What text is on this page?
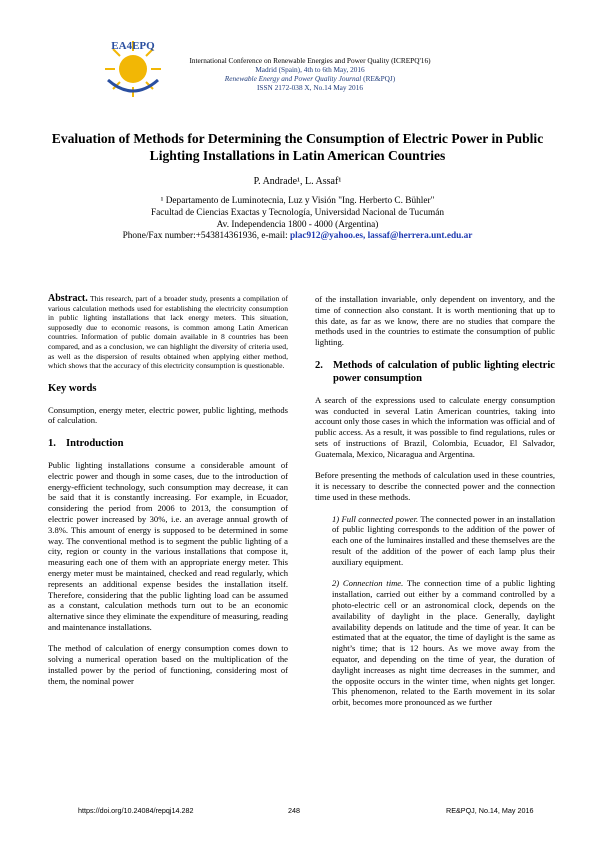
EA4EPQ
International Conference on Renewable Energies and Power Quality (ICREPQ'16)
Madrid (Spain), 4th to 6th May, 2016
Renewable Energy and Power Quality Journal (RE&PQJ)
ISSN 2172-038 X, No.14 May 2016
Evaluation of Methods for Determining the Consumption of Electric Power in Public Lighting Installations in Latin American Countries
P. Andrade¹, L. Assaf¹
¹ Departamento de Luminotecnia, Luz y Visión "Ing. Herberto C. Bühler"
Facultad de Ciencias Exactas y Tecnología, Universidad Nacional de Tucumán
Av. Independencia 1800 - 4000 (Argentina)
Phone/Fax number:+543814361936, e-mail: plac912@yahoo.es, lassaf@herrera.unt.edu.ar

Abstract. This research, part of a broader study, presents a compilation of various calculation methods used for establishing the electricity consumption in public lighting installations that lack energy meters. This situation, supposedly due to economic reasons, is common among Latin American countries. Information of public domain available in 8 countries has been compared, and as a conclusion, we can highlight the diversity of criteria used, as well as the dispersion of results obtained when applying either method, which shows that the accuracy of this electricity consumption is questionable.

Key words

Consumption, energy meter, electric power, public lighting, methods of calculation.

1. Introduction

Public lighting installations consume a considerable amount of electric power and though in some cases, due to the introduction of energy-efficient technology, such consumption may decrease, it can be said that it is constantly increasing. For example, in Ecuador, considering the period from 2006 to 2013, the consumption of electric power increased by 30%, i.e. an average annual growth of 3.8%. This amount of energy is supposed to be determined in some way. The conventional method is to segment the public lighting of a city, region or county in the various installations that compose it, measuring each one of them with an appropriate energy meter. This energy meter must be maintained, checked and read regularly, which represents an additional expense besides the installation itself. Therefore, considering that the public lighting load can be assumed as a constant, calculation methods turn out to be an economic alternative since they eliminate the expenditure of measuring, reading and maintenance installations.

The method of calculation of energy consumption comes down to solving a numerical operation based on the multiplication of the installed power by the period of functioning, considering most of them, the nominal power

of the installation invariable, only dependent on inventory, and the time of connection also constant. It is worth mentioning that up to this date, as far as we know, there are no studies that compare the methods used in the countries to estimate the consumption of public lighting.

2. Methods of calculation of public lighting electric power consumption

A search of the expressions used to calculate energy consumption was conducted in several Latin American countries, taking into account only those cases in which the information was official and of public access. As a result, it was possible to find regulations, rules or sets of instructions of Brazil, Colombia, Ecuador, El Salvador, Guatemala, Mexico, Nicaragua and Argentina.

Before presenting the methods of calculation used in these countries, it is necessary to describe the connected power and the connection time used in these methods.

1) Full connected power. The connected power in an installation of public lighting corresponds to the addition of the power of each one of the luminaires installed and these themselves are the result of the addition of the power of each lamp plus their auxiliary equipment.

2) Connection time. The connection time of a public lighting installation, carried out either by a command controlled by a photo-electric cell or an astronomical clock, depends on the availability of daylight in the place. Generally, daylight availability depends on latitude and the time of year. It can be estimated that at the equator, the time of daylight is the same as night’s time; that is 12 hours. As we move away from the equator, and depending on the time of year, the duration of daylight increases as night time decreases in the summer, and the opposite occurs in the winter time, when nights get longer. This phenomenon, related to the Earth movement in its solar orbit, becomes more pronounced as we further

https://doi.org/10.24084/repqj14.282	248	RE&PQJ, No.14, May 2016
